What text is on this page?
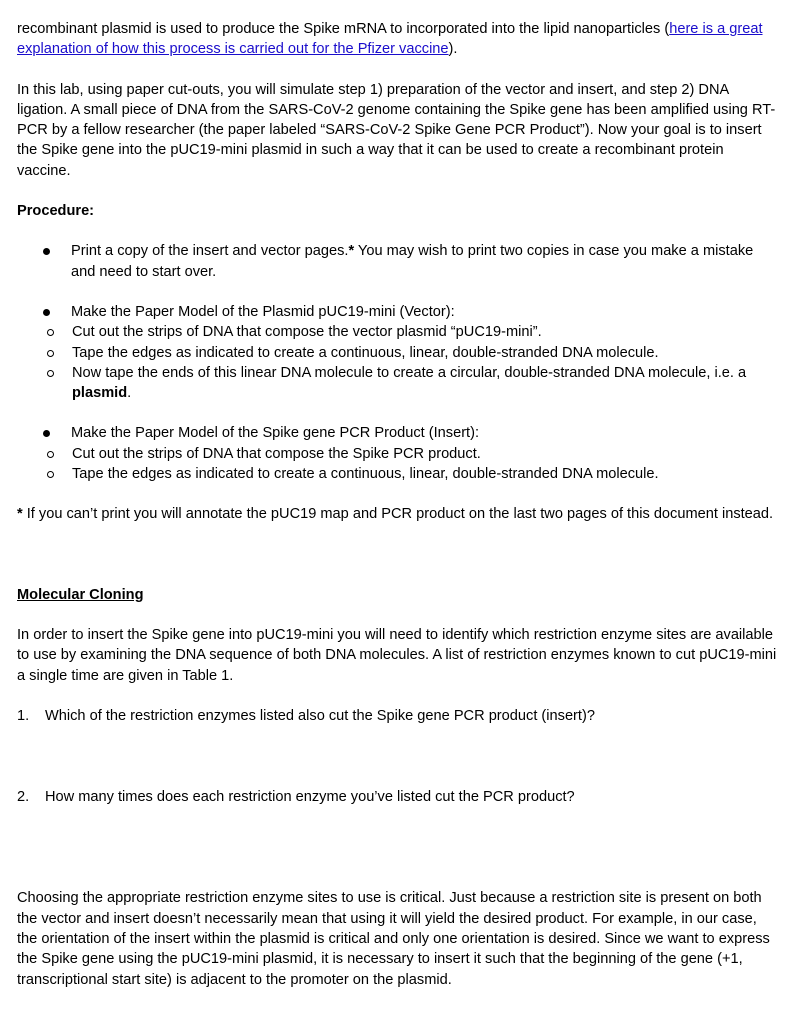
recombinant plasmid is used to produce the Spike mRNA to incorporated into the lipid nanoparticles (here is a great explanation of how this process is carried out for the Pfizer vaccine).

In this lab, using paper cut-outs, you will simulate step 1) preparation of the vector and insert, and step 2) DNA ligation. A small piece of DNA from the SARS-CoV-2 genome containing the Spike gene has been amplified using RT-PCR by a fellow researcher (the paper labeled “SARS-CoV-2 Spike Gene PCR Product”). Now your goal is to insert the Spike gene into the pUC19-mini plasmid in such a way that it can be used to create a recombinant protein vaccine.

Procedure:

Print a copy of the insert and vector pages.* You may wish to print two copies in case you make a mistake and need to start over.
Make the Paper Model of the Plasmid pUC19-mini (Vector):
Cut out the strips of DNA that compose the vector plasmid “pUC19-mini”.
Tape the edges as indicated to create a continuous, linear, double-stranded DNA molecule.
Now tape the ends of this linear DNA molecule to create a circular, double-stranded DNA molecule, i.e. a plasmid.
Make the Paper Model of the Spike gene PCR Product (Insert):
Cut out the strips of DNA that compose the Spike PCR product.
Tape the edges as indicated to create a continuous, linear, double-stranded DNA molecule.

* If you can’t print you will annotate the pUC19 map and PCR product on the last two pages of this document instead.

Molecular Cloning

In order to insert the Spike gene into pUC19-mini you will need to identify which restriction enzyme sites are available to use by examining the DNA sequence of both DNA molecules. A list of restriction enzymes known to cut pUC19-mini a single time are given in Table 1.

1. Which of the restriction enzymes listed also cut the Spike gene PCR product (insert)?
2. How many times does each restriction enzyme you’ve listed cut the PCR product?

Choosing the appropriate restriction enzyme sites to use is critical. Just because a restriction site is present on both the vector and insert doesn’t necessarily mean that using it will yield the desired product. For example, in our case, the orientation of the insert within the plasmid is critical and only one orientation is desired. Since we want to express the Spike gene using the pUC19-mini plasmid, it is necessary to insert it such that the beginning of the gene (+1, transcriptional start site) is adjacent to the promoter on the plasmid.
